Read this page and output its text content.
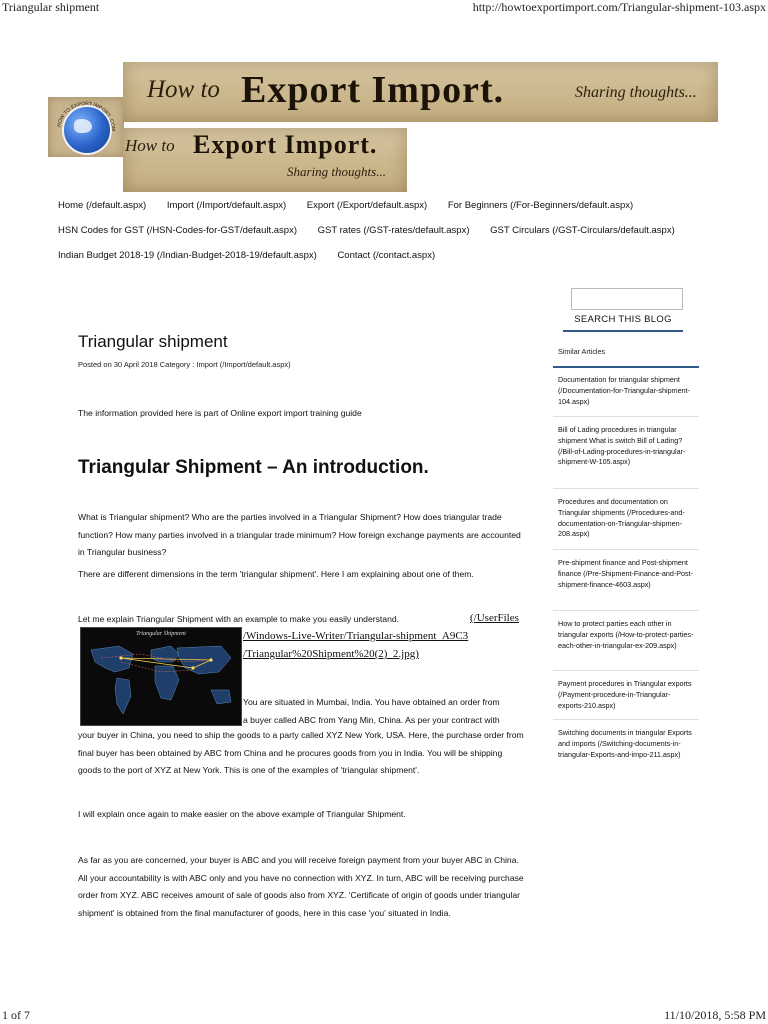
Triangular shipment	http://howtoexportimport.com/Triangular-shipment-103.aspx
HOW TO EXPORT IMPORT .COM
How to Export Import.	Sharing thoughts...
How to Export Import.
Sharing thoughts...
Home (/default.aspx) Import (/Import/default.aspx) Export (/Export/default.aspx) For Beginners (/For-Beginners/default.aspx)
HSN Codes for GST (/HSN-Codes-for-GST/default.aspx) GST rates (/GST-rates/default.aspx) GST Circulars (/GST-Circulars/default.aspx)
Indian Budget 2018-19 (/Indian-Budget-2018-19/default.aspx) Contact (/contact.aspx)
SEARCH THIS BLOG
Triangular shipment
Posted on 30 April 2018 Category : Import (/Import/default.aspx)
The information provided here is part of Online export import training guide
Triangular Shipment – An introduction.
What is Triangular shipment? Who are the parties involved in a Triangular Shipment? How does triangular trade function? How many parties involved in a triangular trade minimum? How foreign exchange payments are accounted in Triangular business?
There are different dimensions in the term 'triangular shipment'. Here I am explaining about one of them.
Let me explain Triangular Shipment with an example to make you easily understand.	(/UserFiles
/Windows-Live-Writer/Triangular-shipment_A9C3
/Triangular%20Shipment%20(2)_2.jpg)
Triangular Shipment
You are situated in Mumbai, India. You have obtained an order from
a buyer called ABC from Yang Min, China. As per your contract with
your buyer in China, you need to ship the goods to a party called XYZ New York, USA. Here, the purchase order from final buyer has been obtained by ABC from China and he procures goods from you in India. You will be shipping goods to the port of XYZ at New York. This is one of the examples of 'triangular shipment'.
I will explain once again to make easier on the above example of Triangular Shipment.
As far as you are concerned, your buyer is ABC and you will receive foreign payment from your buyer ABC in China. All your accountability is with ABC only and you have no connection with XYZ. In turn, ABC will be receiving purchase order from XYZ. ABC receives amount of sale of goods also from XYZ. 'Certificate of origin of goods under triangular shipment' is obtained from the final manufacturer of goods, here in this case 'you' situated in India.
Similar Articles
Documentation for triangular shipment (/Documentation-for-Triangular-shipment-104.aspx)
Bill of Lading procedures in triangular shipment What is switch Bill of Lading? (/Bill-of-Lading-procedures-in-triangular-shipment-W-105.aspx)
Procedures and documentation on Triangular shipments (/Procedures-and-documentation-on-Triangular-shipmen-208.aspx)
Pre-shipment finance and Post-shipment finance (/Pre-Shipment-Finance-and-Post-shipment-finance-4603.aspx)
How to protect parties each other in triangular exports (/How-to-protect-parties-each-other-in-triangular-ex-209.aspx)
Payment procedures in Triangular exports (/Payment-procedure-in-Triangular-exports-210.aspx)
Switching documents in triangular Exports and imports (/Switching-documents-in-triangular-Exports-and-impo-211.aspx)
1 of 7	11/10/2018, 5:58 PM
